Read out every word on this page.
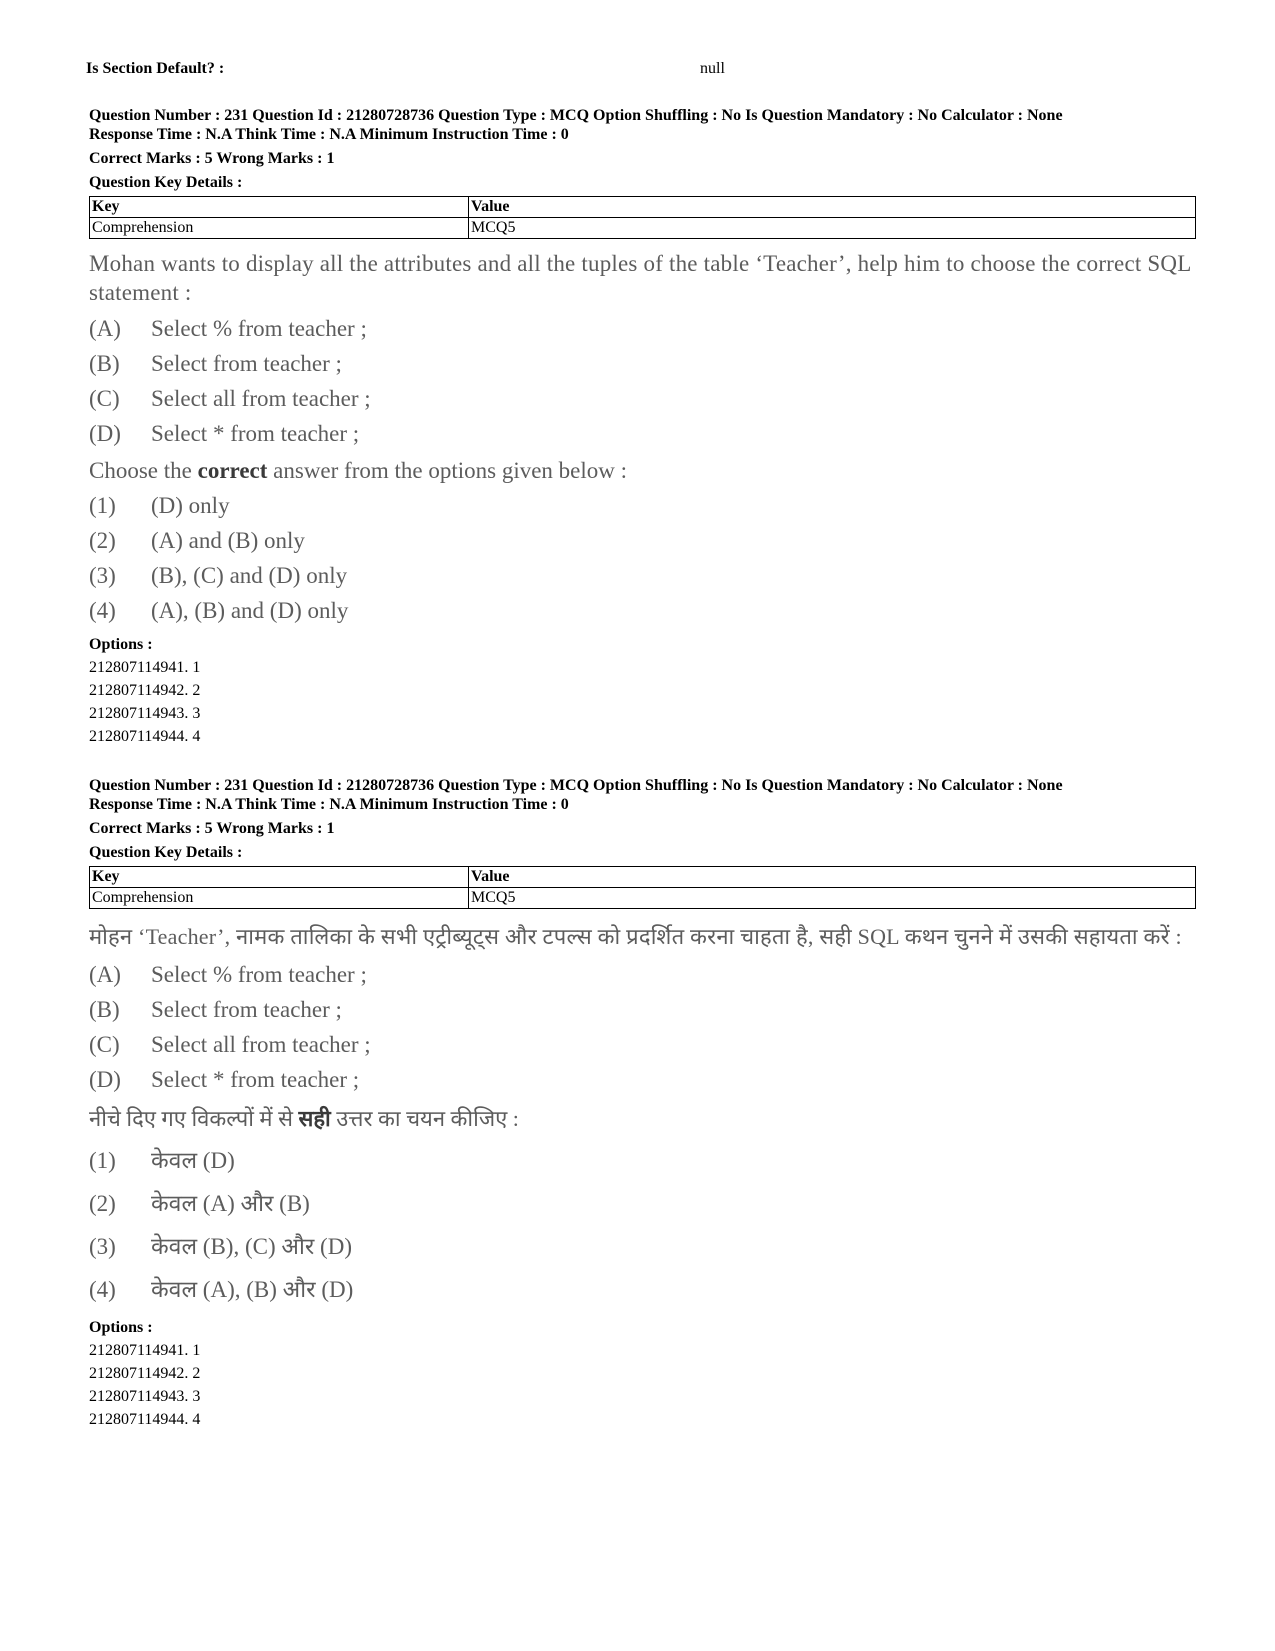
Is Section Default? :	null
Question Number : 231 Question Id : 21280728736 Question Type : MCQ Option Shuffling : No Is Question Mandatory : No Calculator : None
Response Time : N.A Think Time : N.A Minimum Instruction Time : 0
Correct Marks : 5 Wrong Marks : 1
Question Key Details :
Key	Value
Comprehension	MCQ5
Mohan wants to display all the attributes and all the tuples of the table ‘Teacher’, help him to choose the correct SQL statement :
(A) Select % from teacher ;
(B) Select from teacher ;
(C) Select all from teacher ;
(D) Select * from teacher ;
Choose the correct answer from the options given below :
(1) (D) only
(2) (A) and (B) only
(3) (B), (C) and (D) only
(4) (A), (B) and (D) only
Options :
212807114941. 1
212807114942. 2
212807114943. 3
212807114944. 4
Question Number : 231 Question Id : 21280728736 Question Type : MCQ Option Shuffling : No Is Question Mandatory : No Calculator : None
Response Time : N.A Think Time : N.A Minimum Instruction Time : 0
Correct Marks : 5 Wrong Marks : 1
Question Key Details :
Key	Value
Comprehension	MCQ5
मोहन ‘Teacher’, नामक तालिका के सभी एट्रीब्यूट्स और टपल्स को प्रदर्शित करना चाहता है, सही SQL कथन चुनने में उसकी सहायता करें :
(A) Select % from teacher ;
(B) Select from teacher ;
(C) Select all from teacher ;
(D) Select * from teacher ;
नीचे दिए गए विकल्पों में से सही उत्तर का चयन कीजिए :
(1) केवल (D)
(2) केवल (A) और (B)
(3) केवल (B), (C) और (D)
(4) केवल (A), (B) और (D)
Options :
212807114941. 1
212807114942. 2
212807114943. 3
212807114944. 4
